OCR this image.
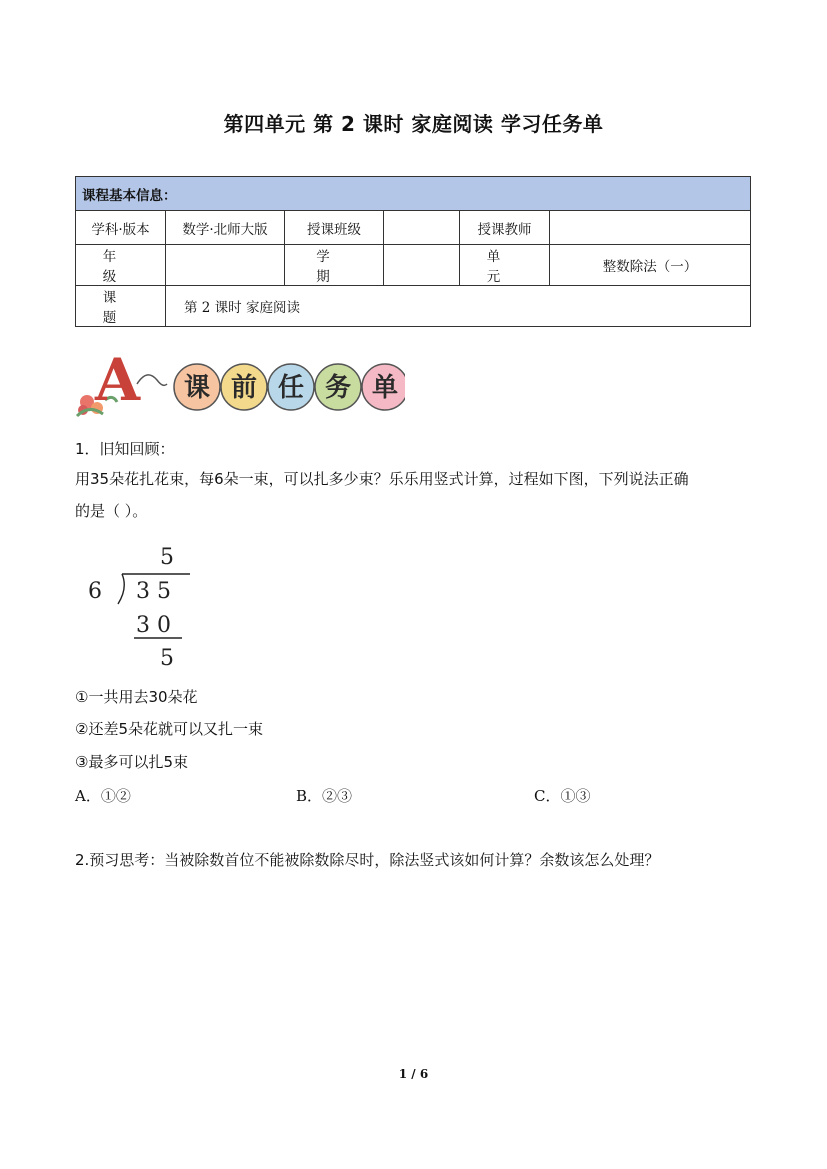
第四单元 第 2 课时 家庭阅读 学习任务单
课程基本信息：					
学科·版本	数学·北师大版	授课班级		授课教师	
年 级		学 期		单 元	整数除法（一）
课 题	第 2 课时 家庭阅读				
A 课 前 任 务 单
1．旧知回顾：
用35朵花扎花束，每6朵一束，可以扎多少束？乐乐用竖式计算，过程如下图，下列说法正确
的是（ ）。
5
6 3 5
3 0
5
①一共用去30朵花
②还差5朵花就可以又扎一束
③最多可以扎5束
A．①②	B．②③	C．①③
2.预习思考：当被除数首位不能被除数除尽时，除法竖式该如何计算？余数该怎么处理？
1 / 6
